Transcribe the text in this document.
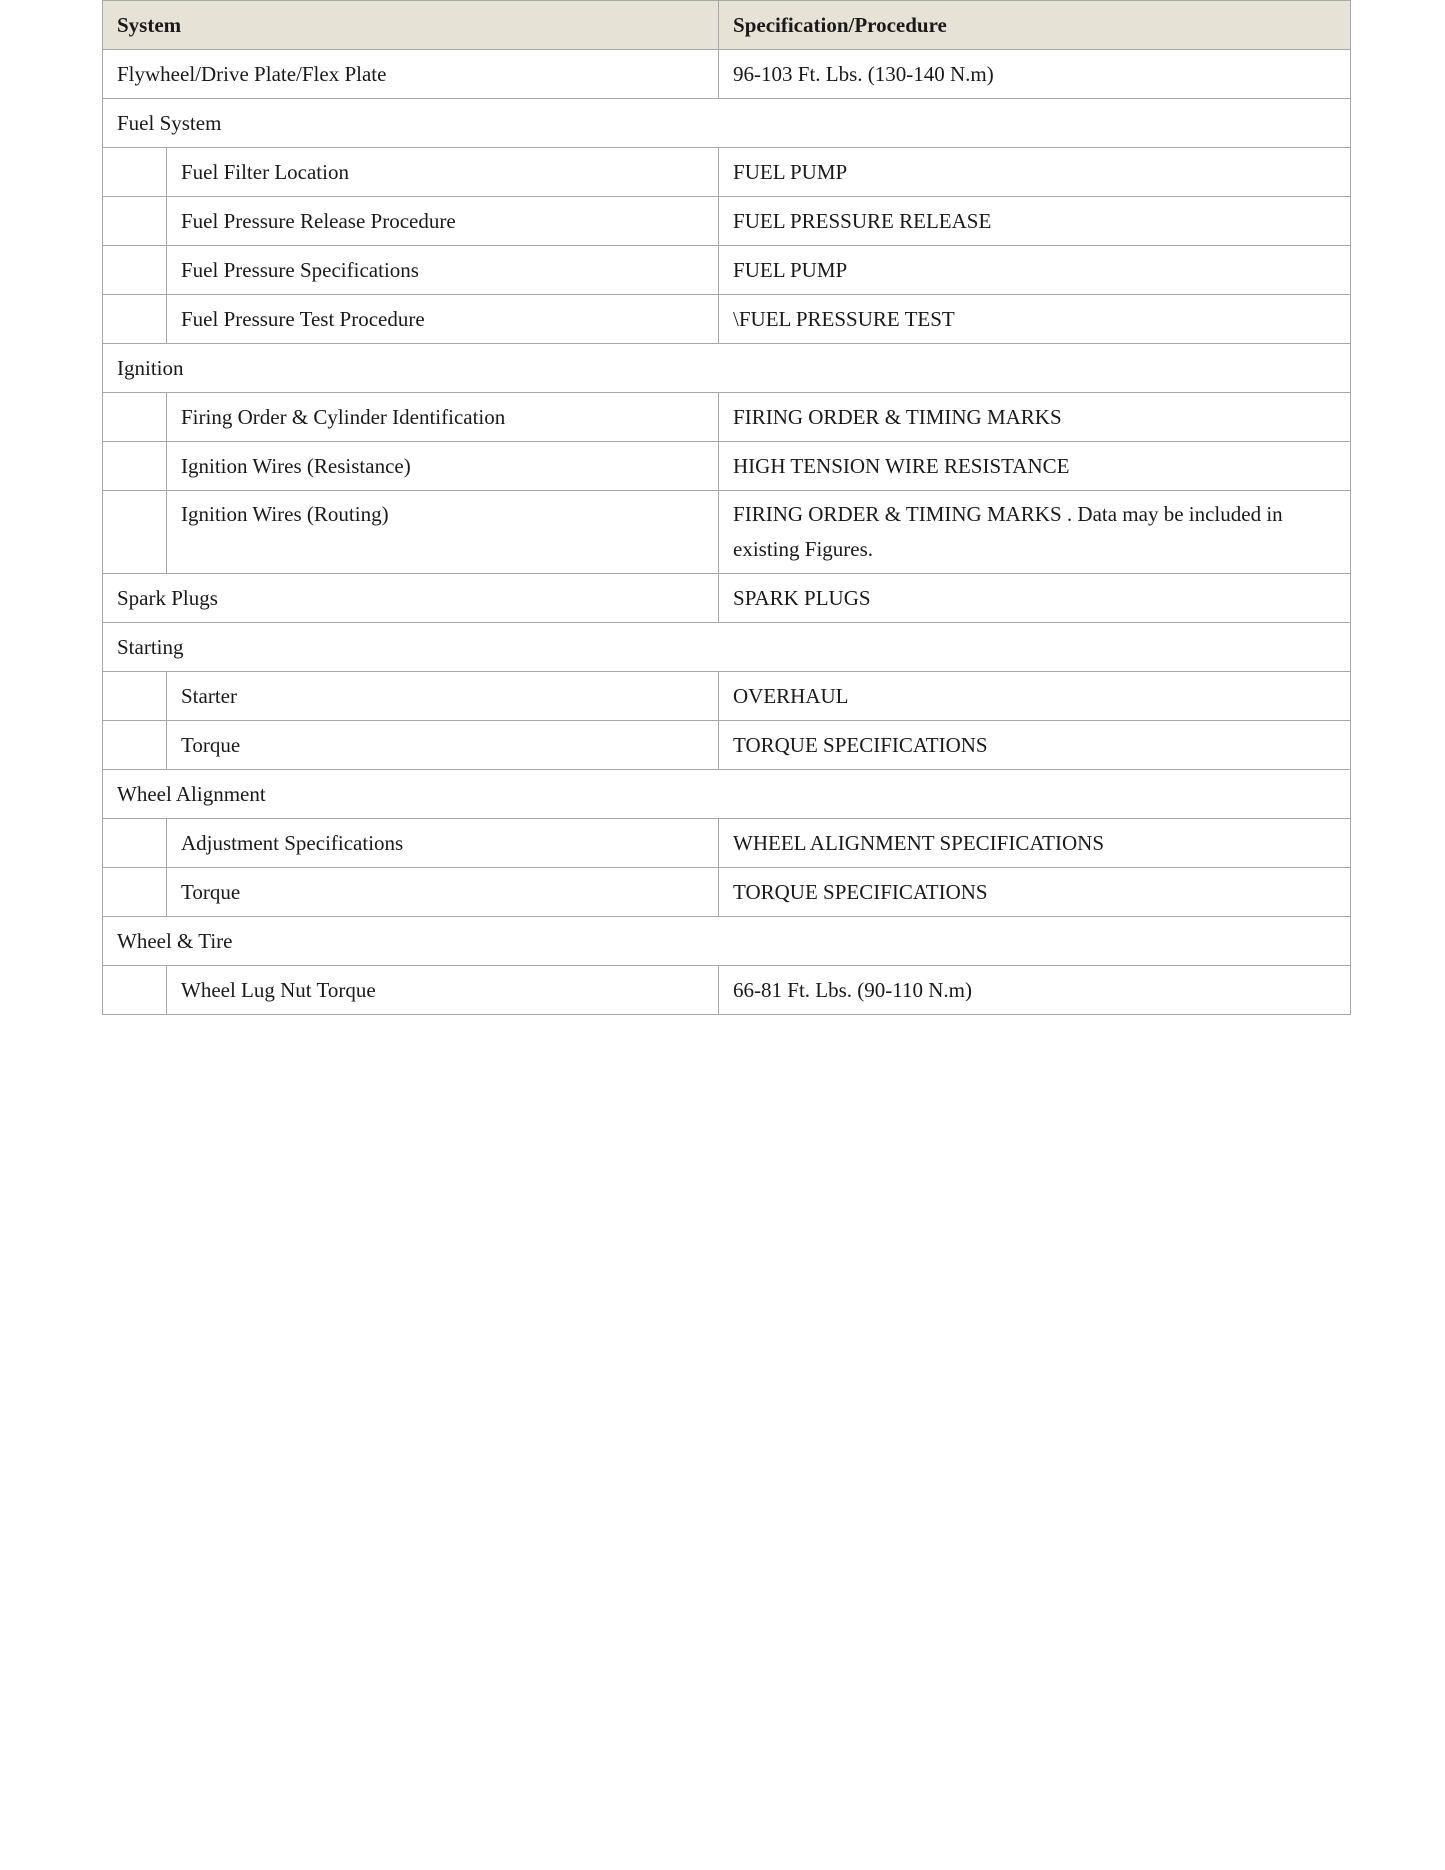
System		Specification/Procedure
Flywheel/Drive Plate/Flex Plate		96-103 Ft. Lbs. (130-140 N.m)
Fuel System		
	Fuel Filter Location	FUEL PUMP
	Fuel Pressure Release Procedure	FUEL PRESSURE RELEASE
	Fuel Pressure Specifications	FUEL PUMP
	Fuel Pressure Test Procedure	\FUEL PRESSURE TEST
Ignition		
	Firing Order & Cylinder Identification	FIRING ORDER & TIMING MARKS
	Ignition Wires (Resistance)	HIGH TENSION WIRE RESISTANCE
	Ignition Wires (Routing)	FIRING ORDER & TIMING MARKS . Data may be included in existing Figures.
Spark Plugs		SPARK PLUGS
Starting		
	Starter	OVERHAUL
	Torque	TORQUE SPECIFICATIONS
Wheel Alignment		
	Adjustment Specifications	WHEEL ALIGNMENT SPECIFICATIONS
	Torque	TORQUE SPECIFICATIONS
Wheel & Tire		
	Wheel Lug Nut Torque	66-81 Ft. Lbs. (90-110 N.m)
